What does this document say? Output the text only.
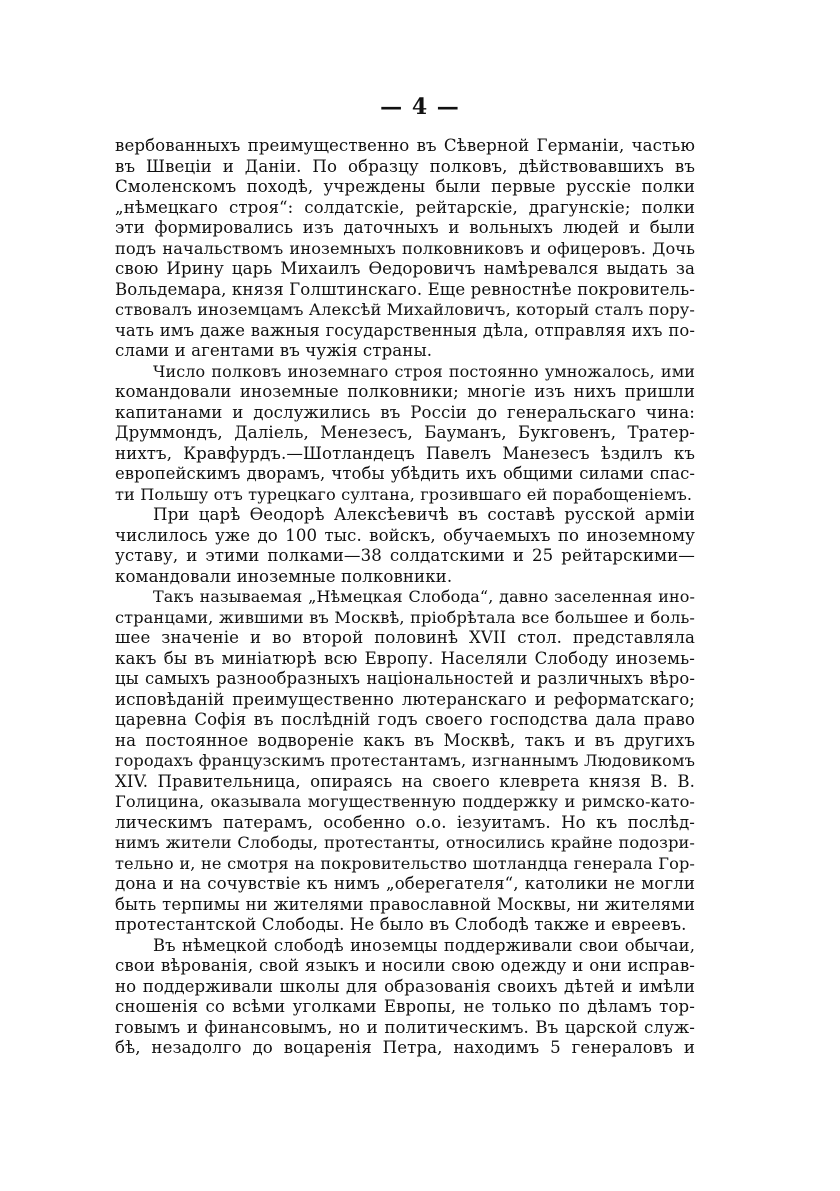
— 4 —
вербованныхъ преимущественно въ Сѣверной Германіи, частью
въ Швеціи и Даніи. По образцу полковъ, дѣйствовавшихъ въ
Смоленскомъ походѣ, учреждены были первые русскіе полки
„нѣмецкаго строя“: солдатскіе, рейтарскіе, драгунскіе; полки
эти формировались изъ даточныхъ и вольныхъ людей и были
подъ начальствомъ иноземныхъ полковниковъ и офицеровъ. Дочь
свою Ирину царь Михаилъ Ѳедоровичъ намѣревался выдать за
Вольдемара, князя Голштинскаго. Еще ревностнѣе покровитель-
ствовалъ иноземцамъ Алексѣй Михайловичъ, который сталъ пору-
чать имъ даже важныя государственныя дѣла, отправляя ихъ по-
слами и агентами въ чужія страны.
Число полковъ иноземнаго строя постоянно умножалось, ими
командовали иноземные полковники; многіе изъ нихъ пришли
капитанами и дослужились въ Россіи до генеральскаго чина:
Друммондъ, Даліель, Менезесъ, Бауманъ, Букговенъ, Тратер-
нихтъ, Кравфурдъ.—Шотландецъ Павелъ Манезесъ ѣздилъ къ
европейскимъ дворамъ, чтобы убѣдить ихъ общими силами спас-
ти Польшу отъ турецкаго султана, грозившаго ей порабощеніемъ.
При царѣ Ѳеодорѣ Алексѣевичѣ въ составѣ русской арміи
числилось уже до 100 тыс. войскъ, обучаемыхъ по иноземному
уставу, и этими полками—38 солдатскими и 25 рейтарскими—
командовали иноземные полковники.
Такъ называемая „Нѣмецкая Слобода“, давно заселенная ино-
странцами, жившими въ Москвѣ, пріобрѣтала все большее и боль-
шее значеніе и во второй половинѣ XVII стол. представляла
какъ бы въ миніатюрѣ всю Европу. Населяли Слободу иноземь-
цы самыхъ разнообразныхъ національностей и различныхъ вѣро-
исповѣданій преимущественно лютеранскаго и реформатскаго;
царевна Софія въ послѣдній годъ своего господства дала право
на постоянное водвореніе какъ въ Москвѣ, такъ и въ другихъ
городахъ французскимъ протестантамъ, изгнаннымъ Людовикомъ
XIV. Правительница, опираясь на своего клеврета князя В. В.
Голицина, оказывала могущественную поддержку и римско-като-
лическимъ патерамъ, особенно о.о. іезуитамъ. Но къ послѣд-
нимъ жители Слободы, протестанты, относились крайне подозри-
тельно и, не смотря на покровительство шотландца генерала Гор-
дона и на сочувствіе къ нимъ „оберегателя“, католики не могли
быть терпимы ни жителями православной Москвы, ни жителями
протестантской Слободы. Не было въ Слободѣ также и евреевъ.
Въ нѣмецкой слободѣ иноземцы поддерживали свои обычаи,
свои вѣрованія, свой языкъ и носили свою одежду и они исправ-
но поддерживали школы для образованія своихъ дѣтей и имѣли
сношенія со всѣми уголками Европы, не только по дѣламъ тор-
говымъ и финансовымъ, но и политическимъ. Въ царской служ-
бѣ, незадолго до воцаренія Петра, находимъ 5 генераловъ и
